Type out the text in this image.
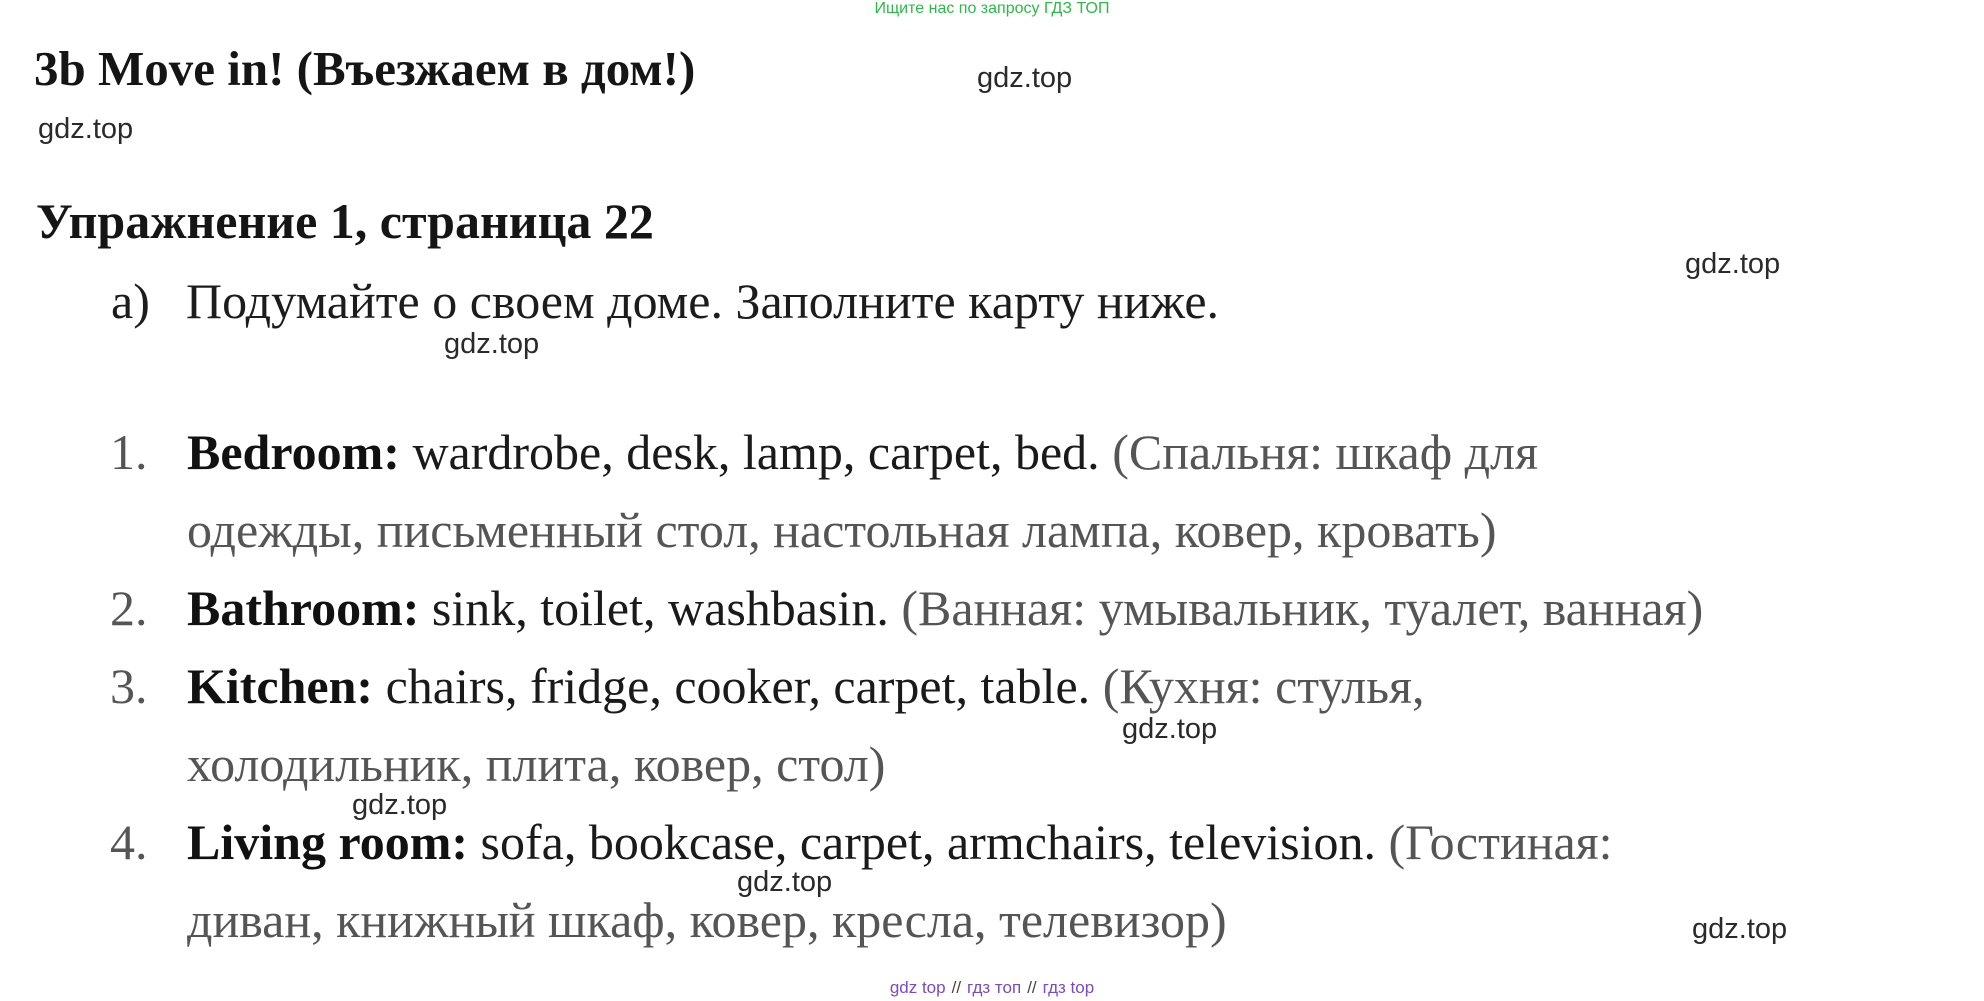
Ищите нас по запросу ГДЗ ТОП
3b Move in! (Въезжаем в дом!)
Упражнение 1, страница 22
a) Подумайте о своем доме. Заполните карту ниже.
1. Bedroom: wardrobe, desk, lamp, carpet, bed. (Спальня: шкаф для
одежды, письменный стол, настольная лампа, ковер, кровать)
2. Bathroom: sink, toilet, washbasin. (Ванная: умывальник, туалет, ванная)
3. Kitchen: chairs, fridge, cooker, carpet, table. (Кухня: стулья,
холодильник, плита, ковер, стол)
4. Living room: sofa, bookcase, carpet, armchairs, television. (Гостиная:
диван, книжный шкаф, ковер, кресла, телевизор)
gdz.top
gdz.top
gdz.top
gdz.top
gdz.top
gdz.top
gdz.top
gdz.top
gdz top // гдз топ // гдз top
